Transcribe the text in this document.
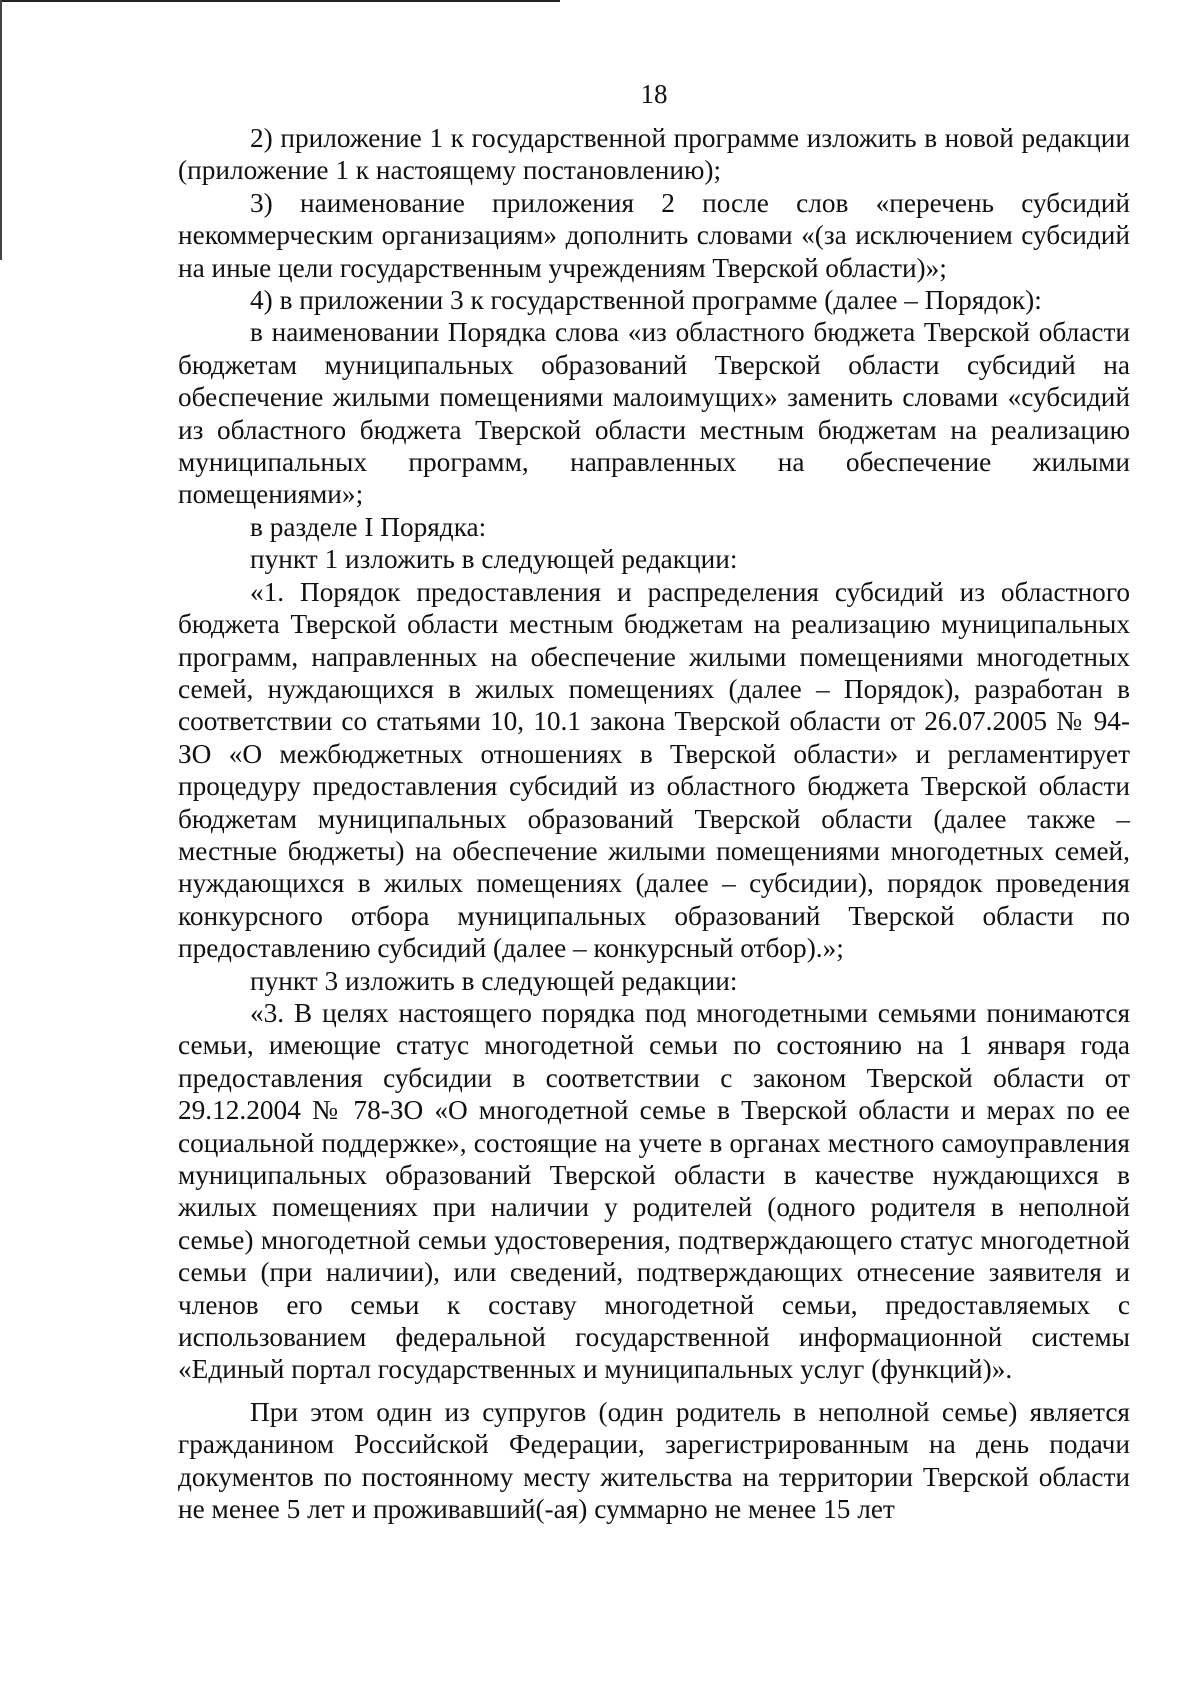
18

2) приложение 1 к государственной программе изложить в новой редакции (приложение 1 к настоящему постановлению);

3) наименование приложения 2 после слов «перечень субсидий некоммерческим организациям» дополнить словами «(за исключением субсидий на иные цели государственным учреждениям Тверской области)»;

4) в приложении 3 к государственной программе (далее – Порядок):

в наименовании Порядка слова «из областного бюджета Тверской области бюджетам муниципальных образований Тверской области субсидий на обеспечение жилыми помещениями малоимущих» заменить словами «субсидий из областного бюджета Тверской области местным бюджетам на реализацию муниципальных программ, направленных на обеспечение жилыми помещениями»;

в разделе I Порядка:

пункт 1 изложить в следующей редакции:

«1. Порядок предоставления и распределения субсидий из областного бюджета Тверской области местным бюджетам на реализацию муниципальных программ, направленных на обеспечение жилыми помещениями многодетных семей, нуждающихся в жилых помещениях (далее – Порядок), разработан в соответствии со статьями 10, 10.1 закона Тверской области от 26.07.2005 № 94-ЗО «О межбюджетных отношениях в Тверской области» и регламентирует процедуру предоставления субсидий из областного бюджета Тверской области бюджетам муниципальных образований Тверской области (далее также – местные бюджеты) на обеспечение жилыми помещениями многодетных семей, нуждающихся в жилых помещениях (далее – субсидии), порядок проведения конкурсного отбора муниципальных образований Тверской области по предоставлению субсидий (далее – конкурсный отбор).»;

пункт 3 изложить в следующей редакции:

«3. В целях настоящего порядка под многодетными семьями понимаются семьи, имеющие статус многодетной семьи по состоянию на 1 января года предоставления субсидии в соответствии с законом Тверской области от 29.12.2004 № 78-ЗО «О многодетной семье в Тверской области и мерах по ее социальной поддержке», состоящие на учете в органах местного самоуправления муниципальных образований Тверской области в качестве нуждающихся в жилых помещениях при наличии у родителей (одного родителя в неполной семье) многодетной семьи удостоверения, подтверждающего статус многодетной семьи (при наличии), или сведений, подтверждающих отнесение заявителя и членов его семьи к составу многодетной семьи, предоставляемых с использованием федеральной государственной информационной системы «Единый портал государственных и муниципальных услуг (функций)».

При этом один из супругов (один родитель в неполной семье) является гражданином Российской Федерации, зарегистрированным на день подачи документов по постоянному месту жительства на территории Тверской области не менее 5 лет и проживавший(-ая) суммарно не менее 15 лет
